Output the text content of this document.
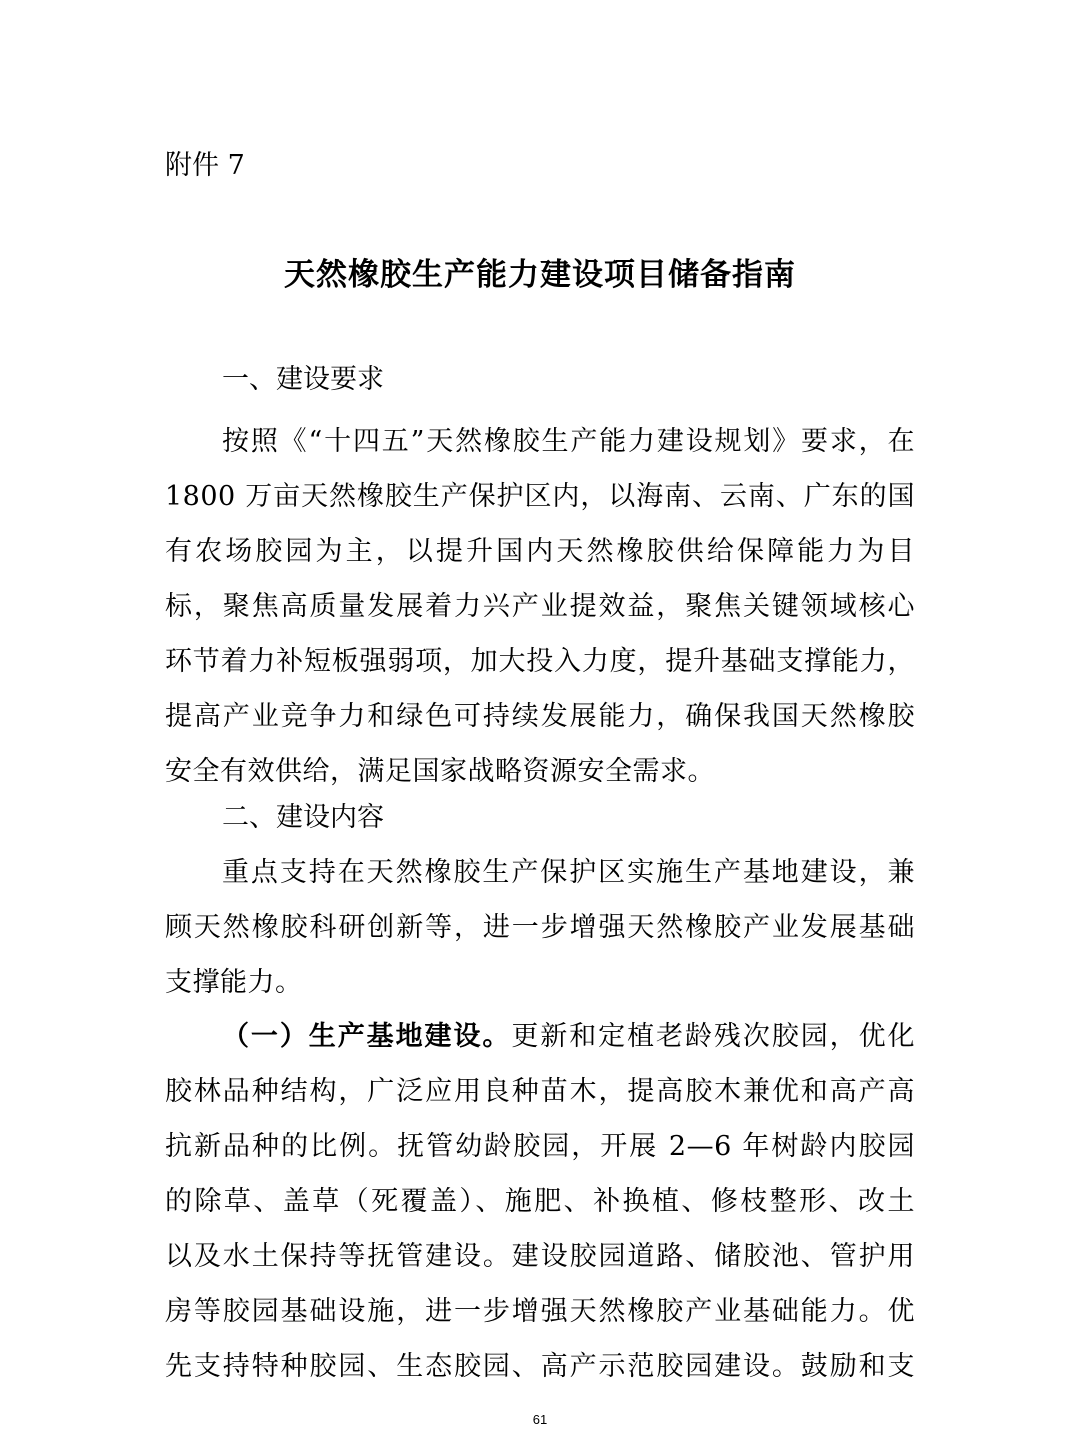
附件 7
天然橡胶生产能力建设项目储备指南
一、建设要求
按照《“十四五”天然橡胶生产能力建设规划》要求，在
1800 万亩天然橡胶生产保护区内，以海南、云南、广东的国
有农场胶园为主，以提升国内天然橡胶供给保障能力为目
标，聚焦高质量发展着力兴产业提效益，聚焦关键领域核心
环节着力补短板强弱项，加大投入力度，提升基础支撑能力，
提高产业竞争力和绿色可持续发展能力，确保我国天然橡胶
安全有效供给，满足国家战略资源安全需求。
二、建设内容
重点支持在天然橡胶生产保护区实施生产基地建设，兼
顾天然橡胶科研创新等，进一步增强天然橡胶产业发展基础
支撑能力。
（一）生产基地建设。更新和定植老龄残次胶园，优化
胶林品种结构，广泛应用良种苗木，提高胶木兼优和高产高
抗新品种的比例。抚管幼龄胶园，开展 2—6 年树龄内胶园
的除草、盖草（死覆盖）、施肥、补换植、修枝整形、改土
以及水土保持等抚管建设。建设胶园道路、储胶池、管护用
房等胶园基础设施，进一步增强天然橡胶产业基础能力。优
先支持特种胶园、生态胶园、高产示范胶园建设。鼓励和支
61
